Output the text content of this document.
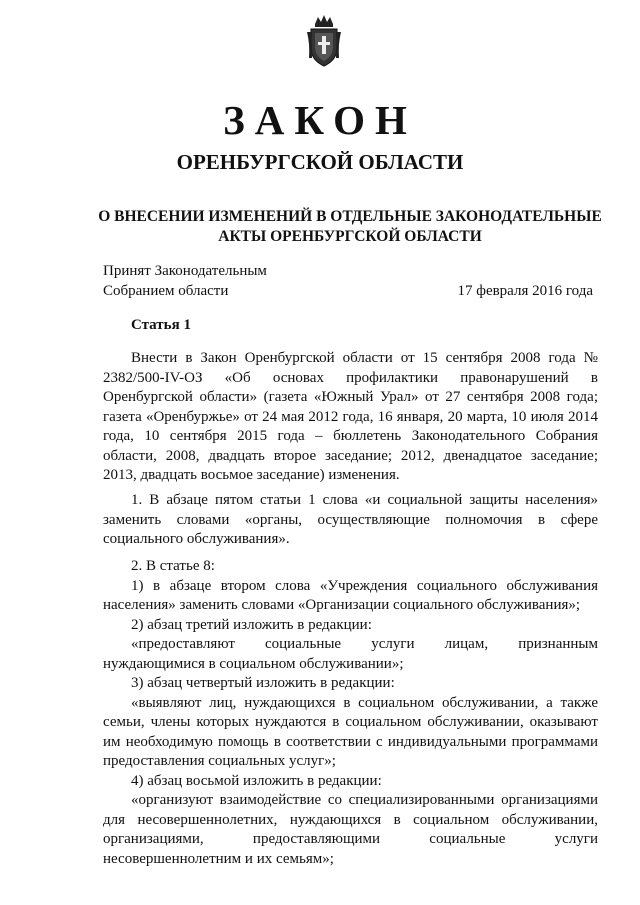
ЗАКОН
ОРЕНБУРГСКОЙ ОБЛАСТИ
О ВНЕСЕНИИ ИЗМЕНЕНИЙ В ОТДЕЛЬНЫЕ ЗАКОНОДАТЕЛЬНЫЕ
АКТЫ ОРЕНБУРГСКОЙ ОБЛАСТИ
Принят Законодательным
Собранием области	17 февраля 2016 года
Статья 1

Внести в Закон Оренбургской области от 15 сентября 2008 года № 2382/500-IV-ОЗ «Об основах профилактики правонарушений в Оренбургской области» (газета «Южный Урал» от 27 сентября 2008 года; газета «Оренбуржье» от 24 мая 2012 года, 16 января, 20 марта, 10 июля 2014 года, 10 сентября 2015 года – бюллетень Законодательного Собрания области, 2008, двадцать второе заседание; 2012, двенадцатое заседание; 2013, двадцать восьмое заседание) изменения.

1. В абзаце пятом статьи 1 слова «и социальной защиты населения» заменить словами «органы, осуществляющие полномочия в сфере социального обслуживания».

2. В статье 8:

1) в абзаце втором слова «Учреждения социального обслуживания населения» заменить словами «Организации социального обслуживания»;

2) абзац третий изложить в редакции:

«предоставляют социальные услуги лицам, признанным нуждающимися в социальном обслуживании»;

3) абзац четвертый изложить в редакции:

«выявляют лиц, нуждающихся в социальном обслуживании, а также семьи, члены которых нуждаются в социальном обслуживании, оказывают им необходимую помощь в соответствии с индивидуальными программами предоставления социальных услуг»;

4) абзац восьмой изложить в редакции:

«организуют взаимодействие со специализированными организациями для несовершеннолетних, нуждающихся в социальном обслуживании, организациями, предоставляющими социальные услуги несовершеннолетним и их семьям»;
